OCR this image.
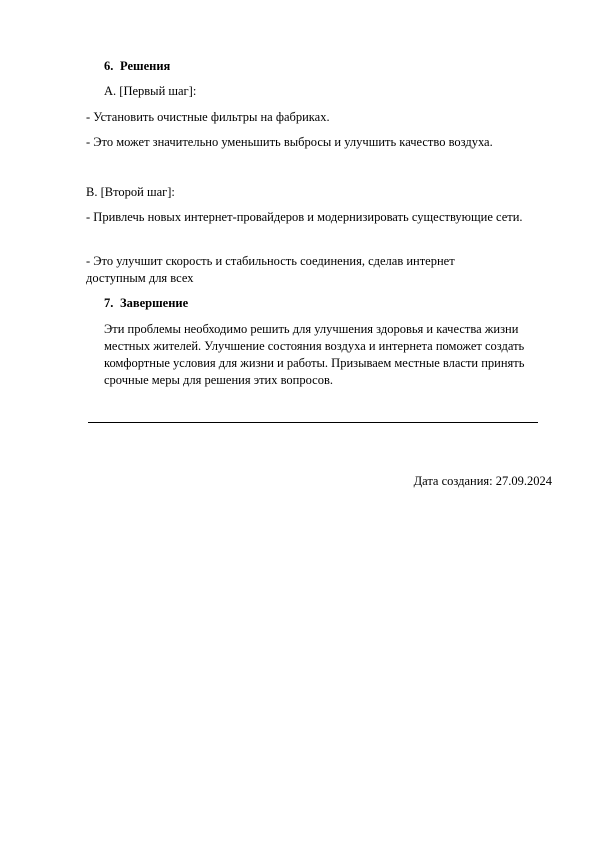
6. Решения
А. [Первый шаг]:
- Установить очистные фильтры на фабриках.
- Это может значительно уменьшить выбросы и улучшить качество воздуха.
B. [Второй шаг]:
- Привлечь новых интернет-провайдеров и модернизировать существующие сети.
- Это улучшит скорость и стабильность соединения, сделав интернет доступным для всех
7. Завершение
Эти проблемы необходимо решить для улучшения здоровья и качества жизни местных жителей. Улучшение состояния воздуха и интернета поможет создать комфортные условия для жизни и работы. Призываем местные власти принять срочные меры для решения этих вопросов.
Дата создания: 27.09.2024
